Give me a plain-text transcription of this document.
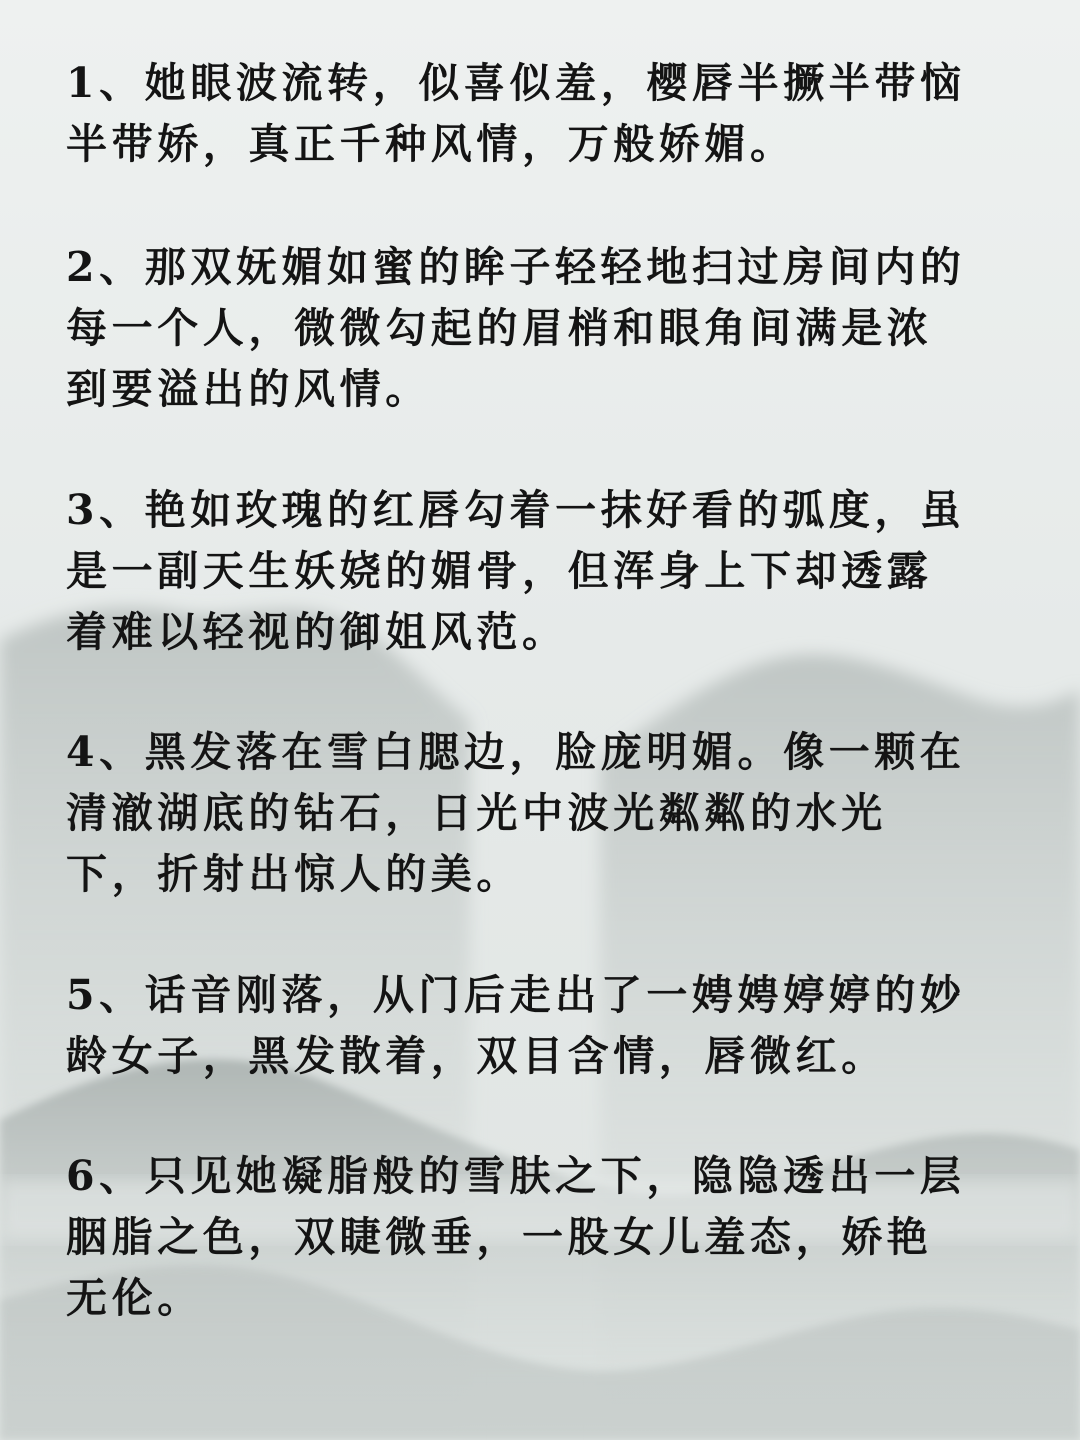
1、她眼波流转，似喜似羞，樱唇半撅半带恼
半带娇，真正千种风情，万般娇媚。

2、那双妩媚如蜜的眸子轻轻地扫过房间内的
每一个人，微微勾起的眉梢和眼角间满是浓
到要溢出的风情。

3、艳如玫瑰的红唇勾着一抹好看的弧度，虽
是一副天生妖娆的媚骨，但浑身上下却透露
着难以轻视的御姐风范。

4、黑发落在雪白腮边，脸庞明媚。像一颗在
清澈湖底的钻石，日光中波光粼粼的水光
下，折射出惊人的美。

5、话音刚落，从门后走出了一娉娉婷婷的妙
龄女子，黑发散着，双目含情，唇微红。

6、只见她凝脂般的雪肤之下，隐隐透出一层
胭脂之色，双睫微垂，一股女儿羞态，娇艳
无伦。
